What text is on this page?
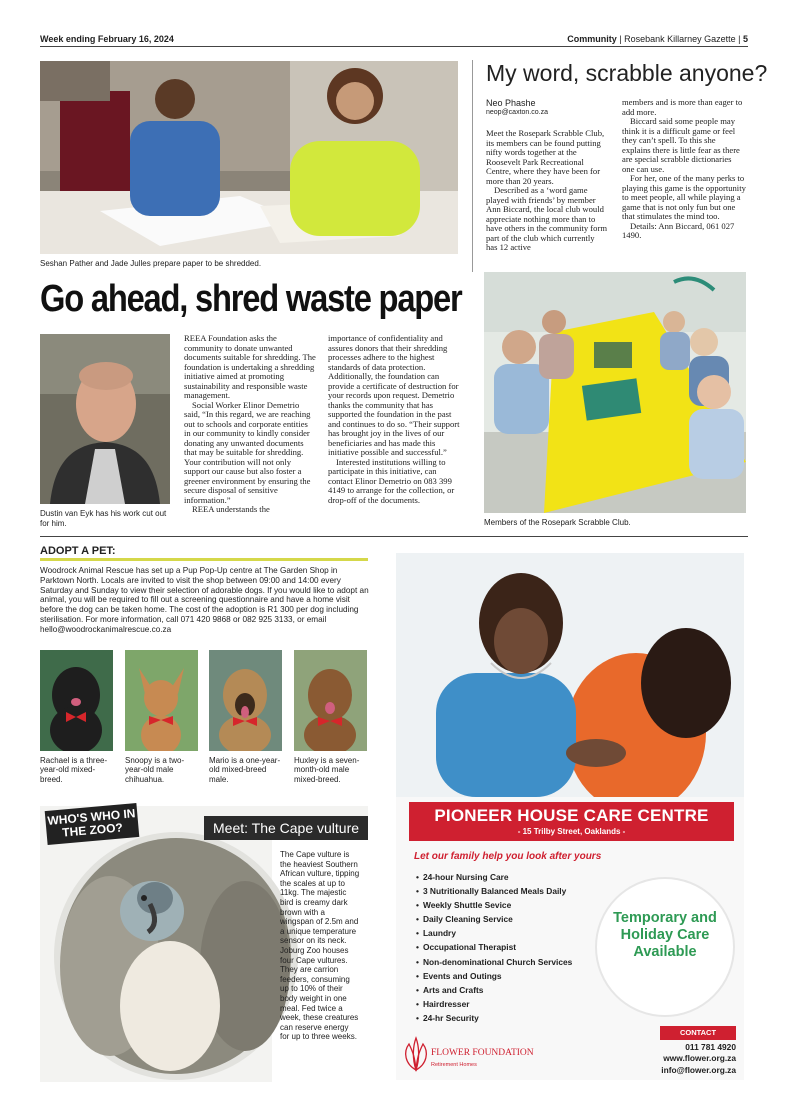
Week ending February 16, 2024	Community | Rosebank Killarney Gazette | 5
Seshan Pather and Jade Julles prepare paper to be shredded.
My word, scrabble anyone?
Neo Phashe
neop@caxton.co.za

Meet the Rosepark Scrabble Club, its members can be found putting nifty words together at the Roosevelt Park Recreational Centre, where they have been for more than 20 years.

Described as a ‘word game played with friends’ by member Ann Biccard, the local club would appreciate nothing more than to have others in the community form part of the club which currently has 12 active

members and is more than eager to add more.

Biccard said some people may think it is a difficult game or feel they can’t spell. To this she explains there is little fear as there are special scrabble dictionaries one can use.

For her, one of the many perks to playing this game is the opportunity to meet people, all while playing a game that is not only fun but one that stimulates the mind too.

Details: Ann Biccard, 061 027 1490.

Go ahead, shred waste paper
Dustin van Eyk has his work cut out for him.

REEA Foundation asks the community to donate unwanted documents suitable for shredding. The foundation is undertaking a shredding initiative aimed at promoting sustainability and responsible waste management.

Social Worker Elinor Demetrio said, “In this regard, we are reaching out to schools and corporate entities in our community to kindly consider donating any unwanted documents that may be suitable for shredding. Your contribution will not only support our cause but also foster a greener environment by ensuring the secure disposal of sensitive information.”

REEA understands the

importance of confidentiality and assures donors that their shredding processes adhere to the highest standards of data protection. Additionally, the foundation can provide a certificate of destruction for your records upon request. Demetrio thanks the community that has supported the foundation in the past and continues to do so. “Their support has brought joy in the lives of our beneficiaries and has made this initiative possible and successful.”

Interested institutions willing to participate in this initiative, can contact Elinor Demetrio on 083 399 4149 to arrange for the collection, or drop-off of the documents.

Members of the Rosepark Scrabble Club.
ADOPT A PET:
Woodrock Animal Rescue has set up a Pup Pop-Up centre at The Garden Shop in Parktown North. Locals are invited to visit the shop between 09:00 and 14:00 every Saturday and Sunday to view their selection of adorable dogs. If you would like to adopt an animal, you will be required to fill out a screening questionnaire and have a home visit before the dog can be taken home. The cost of the adoption is R1 300 per dog including sterilisation. For more information, call 071 420 9868 or 082 925 3133, or email hello@woodrockanimalrescue.co.za
Rachael is a three-year-old mixed-breed.
Snoopy is a two-year-old male chihuahua.
Mario is a one-year-old mixed-breed male.
Huxley is a seven-month-old male mixed-breed.
WHO'S WHO IN THE ZOO?	Meet: The Cape vulture
The Cape vulture is the heaviest Southern African vulture, tipping the scales at up to 11kg. The majestic bird is creamy dark brown with a wingspan of 2.5m and a unique temperature sensor on its neck. Joburg Zoo houses four Cape vultures. They are carrion feeders, consuming up to 10% of their body weight in one meal. Fed twice a week, these creatures can reserve energy for up to three weeks.
PIONEER HOUSE CARE CENTRE
- 15 Trilby Street, Oaklands -
Let our family help you look after yours
• 24-hour Nursing Care
• 3 Nutritionally Balanced Meals Daily
• Weekly Shuttle Sevice
• Daily Cleaning Service
• Laundry
• Occupational Therapist
• Non-denominational Church Services
• Events and Outings
• Arts and Crafts
• Hairdresser
• 24-hr Security
Temporary and Holiday Care Available
CONTACT
011 781 4920
www.flower.org.za
info@flower.org.za
FLOWER FOUNDATION
Retirement Homes
